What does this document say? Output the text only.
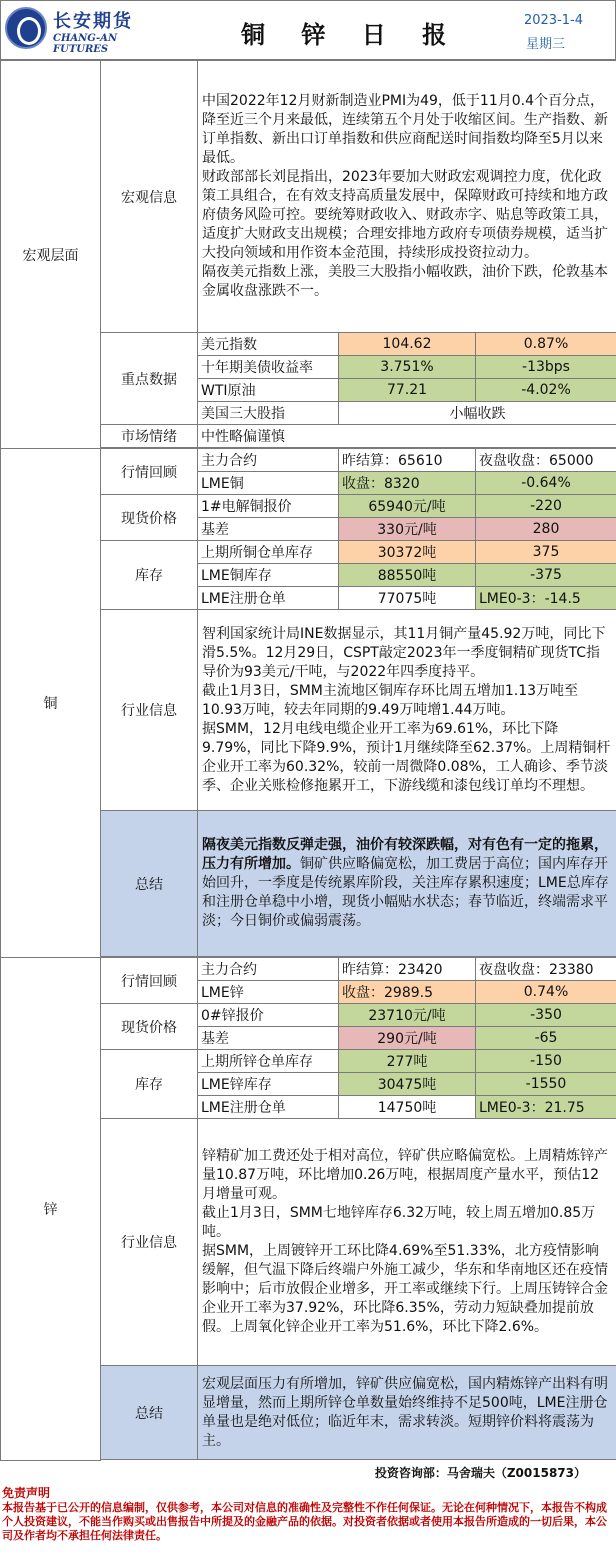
长安期货
CHANG-AN FUTURES
铜 锌 日 报
2023-1-4
星期三
宏观层面	宏观信息	中国2022年12月财新制造业PMI为49，低于11月0.4个百分点，降至近三个月来最低，连续第五个月处于收缩区间。生产指数、新订单指数、新出口订单指数和供应商配送时间指数均降至5月以来最低。

财政部部长刘昆指出，2023年要加大财政宏观调控力度，优化政策工具组合，在有效支持高质量发展中，保障财政可持续和地方政府债务风险可控。要统筹财政收入、财政赤字、贴息等政策工具，适度扩大财政支出规模；合理安排地方政府专项债券规模，适当扩大投向领域和用作资本金范围，持续形成投资拉动力。

隔夜美元指数上涨，美股三大股指小幅收跌，油价下跌，伦敦基本金属收盘涨跌不一。		

	重点数据	美元指数	104.62	0.87%
		十年期美债收益率	3.751%	-13bps
		WTI原油	77.21	-4.02%
		美国三大股指	小幅收跌	
	市场情绪	中性略偏谨慎		

铜	行情回顾	主力合约	昨结算：65610	夜盘收盘：65000
		LME铜	收盘：8320	-0.64%
	现货价格	1#电解铜报价	65940元/吨	-220
		基差	330元/吨	280
	库存	上期所铜仓单库存	30372吨	375
		LME铜库存	88550吨	-375
		LME注册仓单	77075吨	LME0-3：-14.5
	行业信息	智利国家统计局INE数据显示，其11月铜产量45.92万吨，同比下滑5.5%。12月29日，CSPT敲定2023年一季度铜精矿现货TC指导价为93美元/干吨，与2022年四季度持平。

截止1月3日，SMM主流地区铜库存环比周五增加1.13万吨至10.93万吨，较去年同期的9.49万吨增1.44万吨。

据SMM，12月电线电缆企业开工率为69.61%，环比下降9.79%，同比下降9.9%，预计1月继续降至62.37%。上周精铜杆企业开工率为60.32%，较前一周微降0.08%，工人确诊、季节淡季、企业关账检修拖累开工，下游线缆和漆包线订单均不理想。		

	总结	隔夜美元指数反弹走强，油价有较深跌幅，对有色有一定的拖累，压力有所增加。铜矿供应略偏宽松，加工费居于高位；国内库存开始回升，一季度是传统累库阶段，关注库存累积速度；LME总库存和注册仓单稳中小增，现货小幅贴水状态；春节临近，终端需求平淡；今日铜价或偏弱震荡。		

锌	行情回顾	主力合约	昨结算：23420	夜盘收盘：23380
		LME锌	收盘：2989.5	0.74%
	现货价格	0#锌报价	23710元/吨	-350
		基差	290元/吨	-65
	库存	上期所锌仓单库存	277吨	-150
		LME锌库存	30475吨	-1550
		LME注册仓单	14750吨	LME0-3：21.75
	行业信息	锌精矿加工费还处于相对高位，锌矿供应略偏宽松。上周精炼锌产量10.87万吨，环比增加0.26万吨，根据周度产量水平，预估12月增量可观。

截止1月3日，SMM七地锌库存6.32万吨，较上周五增加0.85万吨。

据SMM，上周镀锌开工环比降4.69%至51.33%，北方疫情影响缓解，但气温下降后终端户外施工减少，华东和华南地区还在疫情影响中；后市放假企业增多，开工率或继续下行。上周压铸锌合金企业开工率为37.92%，环比降6.35%，劳动力短缺叠加提前放假。上周氧化锌企业开工率为51.6%，环比下降2.6%。		

	总结	宏观层面压力有所增加，锌矿供应偏宽松，国内精炼锌产出料有明显增量，然而上期所锌仓单数量始终维持不足500吨，LME注册仓单量也是绝对低位；临近年末，需求转淡。短期锌价料将震荡为主。		

投资咨询部：马舍瑞夫（Z0015873）
免责声明
本报告基于已公开的信息编制，仅供参考，本公司对信息的准确性及完整性不作任何保证。无论在何种情况下，本报告不构成个人投资建议，不能当作购买或出售报告中所提及的金融产品的依据。对投资者依据或者使用本报告所造成的一切后果，本公司及作者均不承担任何法律责任。
